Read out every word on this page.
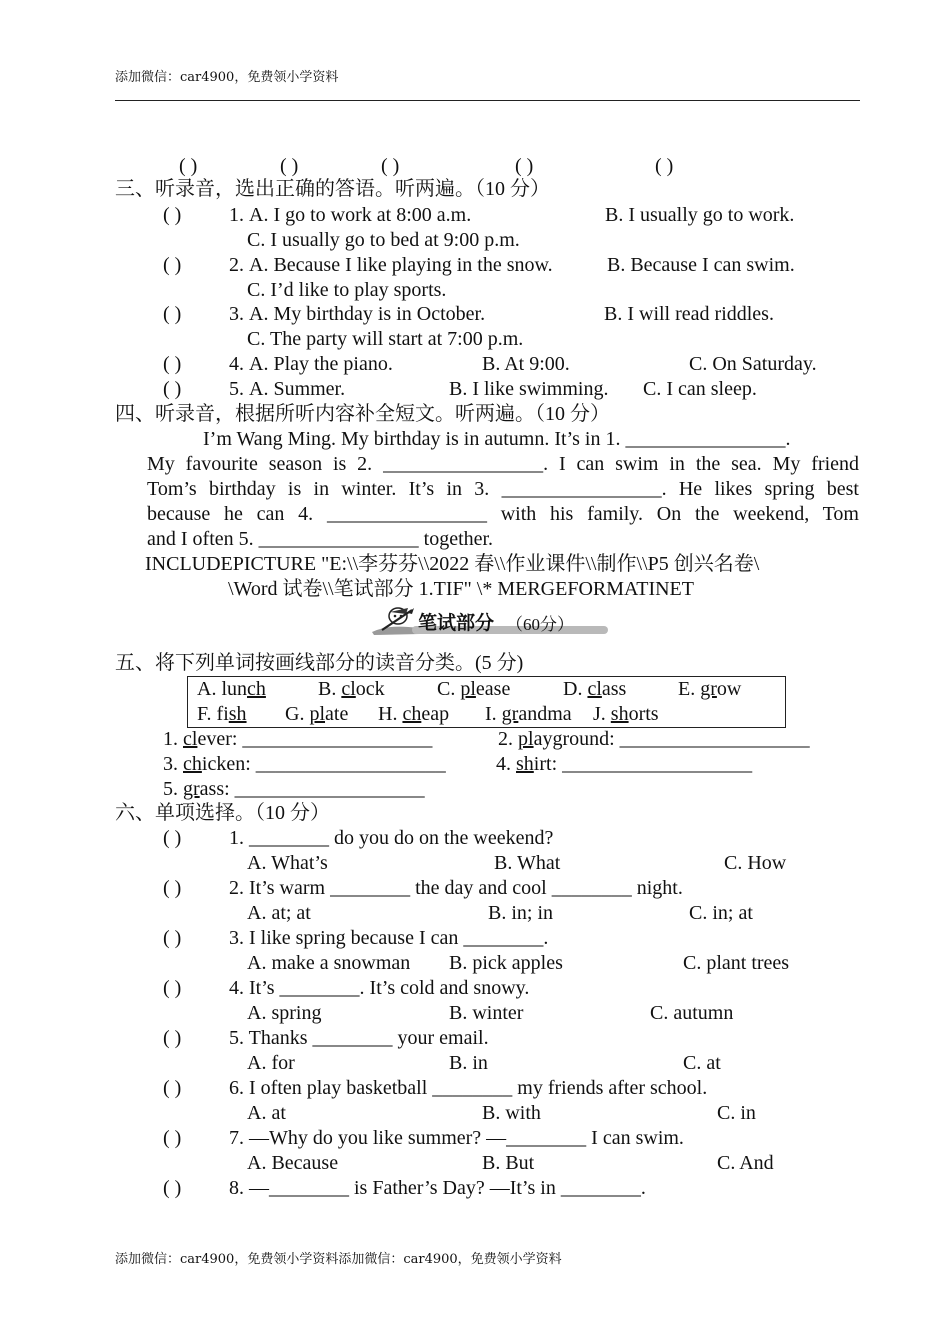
添加微信：car4900，免费领小学资料
( )	( )	( )	( )	( )
三、听录音，选出正确的答语。听两遍。（10 分）
( ) 1. A. I go to work at 8:00 a.m.	B. I usually go to work.
C. I usually go to bed at 9:00 p.m.
( ) 2. A. Because I like playing in the snow.	B. Because I can swim.
C. I’d like to play sports.
( ) 3. A. My birthday is in October.	B. I will read riddles.
C. The party will start at 7:00 p.m.
( ) 4. A. Play the piano.	B. At 9:00.	C. On Saturday.
( ) 5. A. Summer.	B. I like swimming. C. I can sleep.
四、听录音，根据所听内容补全短文。听两遍。（10 分）
I’m Wang Ming. My birthday is in autumn. It’s in 1. ________________.
My favourite season is 2. ________________. I can swim in the sea. My friend
Tom’s birthday is in winter. It’s in 3. ________________. He likes spring best
because he can 4. ________________ with his family. On the weekend, Tom
and I often 5. ________________ together.
INCLUDEPICTURE "E:\\李芬芬\\2022 春\\作业课件\\制作\\P5 创兴名卷\
\Word 试卷\\笔试部分 1.TIF" \* MERGEFORMATINET
笔试部分 （60分）
五、将下列单词按画线部分的读音分类。(5 分)
A. lunch	B. clock	C. please	D. class	E. grow
F. fish G. plate H. cheap I. grandma J. shorts
1. clever: ___________________	2. playground: ___________________
3. chicken: ___________________	4. shirt: ___________________
5. grass: ___________________
六、单项选择。（10 分）
( ) 1. ________ do you do on the weekend?
A. What’s	B. What	C. How
( ) 2. It’s warm ________ the day and cool ________ night.
A. at; at	B. in; in	C. in; at
( ) 3. I like spring because I can ________.
A. make a snowman B. pick apples	C. plant trees
( ) 4. It’s ________. It’s cold and snowy.
A. spring	B. winter	C. autumn
( ) 5. Thanks ________ your email.
A. for	B. in	C. at
( ) 6. I often play basketball ________ my friends after school.
A. at	B. with	C. in
( ) 7. —Why do you like summer? —________ I can swim.
A. Because	B. But	C. And
( ) 8. —________ is Father’s Day? —It’s in ________.
添加微信：car4900，免费领小学资料添加微信：car4900，免费领小学资料
